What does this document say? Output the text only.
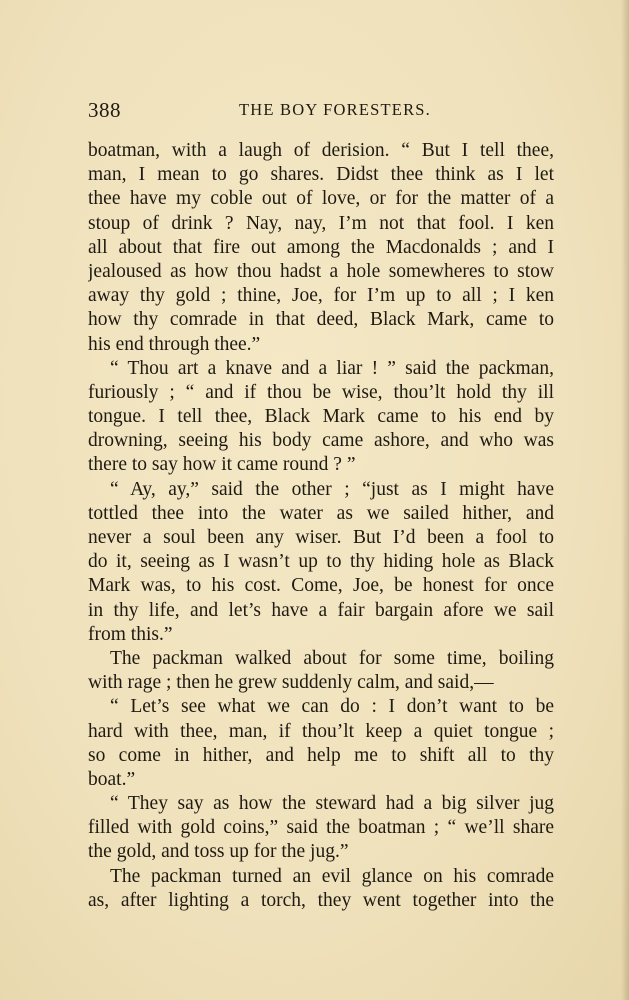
388	THE BOY FORESTERS.
boatman, with a laugh of derision. “ But I tell thee,
man, I mean to go shares. Didst thee think as I let
thee have my coble out of love, or for the matter of a
stoup of drink ? Nay, nay, I’m not that fool. I ken
all about that fire out among the Macdonalds ; and I
jealoused as how thou hadst a hole somewheres to stow
away thy gold ; thine, Joe, for I’m up to all ; I ken
how thy comrade in that deed, Black Mark, came to
his end through thee.”
“ Thou art a knave and a liar ! ” said the packman,
furiously ; “ and if thou be wise, thou’lt hold thy ill
tongue. I tell thee, Black Mark came to his end by
drowning, seeing his body came ashore, and who was
there to say how it came round ? ”
“ Ay, ay,” said the other ; “just as I might have
tottled thee into the water as we sailed hither, and
never a soul been any wiser. But I’d been a fool to
do it, seeing as I wasn’t up to thy hiding hole as Black
Mark was, to his cost. Come, Joe, be honest for once
in thy life, and let’s have a fair bargain afore we sail
from this.”
The packman walked about for some time, boiling
with rage ; then he grew suddenly calm, and said,—
“ Let’s see what we can do : I don’t want to be
hard with thee, man, if thou’lt keep a quiet tongue ;
so come in hither, and help me to shift all to thy
boat.”
“ They say as how the steward had a big silver jug
filled with gold coins,” said the boatman ; “ we’ll share
the gold, and toss up for the jug.”
The packman turned an evil glance on his comrade
as, after lighting a torch, they went together into the
